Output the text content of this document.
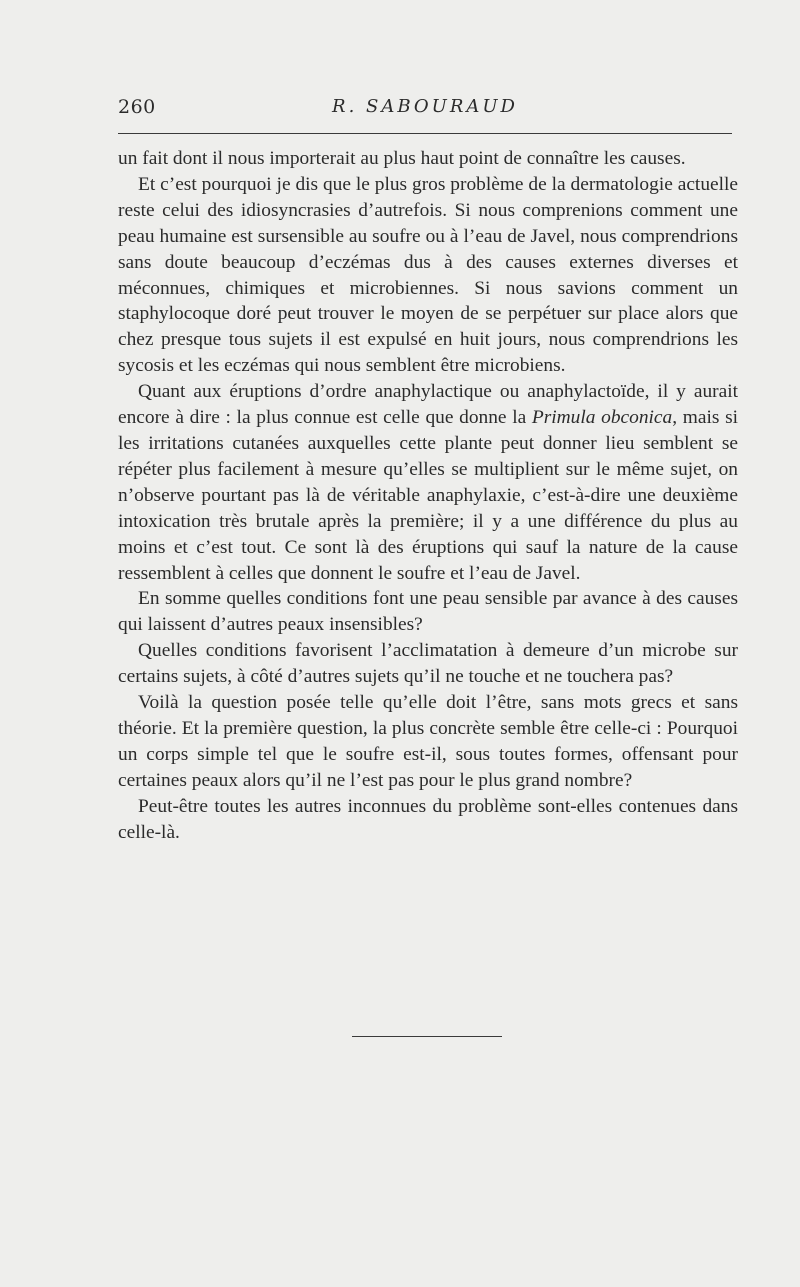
260	R. SABOURAUD

un fait dont il nous importerait au plus haut point de connaître les causes.

Et c’est pourquoi je dis que le plus gros problème de la dermatologie actuelle reste celui des idiosyncrasies d’autrefois. Si nous comprenions comment une peau humaine est sursensible au soufre ou à l’eau de Javel, nous comprendrions sans doute beaucoup d’eczémas dus à des causes externes diverses et méconnues, chimiques et microbiennes. Si nous savions comment un staphylocoque doré peut trouver le moyen de se perpétuer sur place alors que chez presque tous sujets il est expulsé en huit jours, nous comprendrions les sycosis et les eczémas qui nous semblent être microbiens.

Quant aux éruptions d’ordre anaphylactique ou anaphylactoïde, il y aurait encore à dire : la plus connue est celle que donne la Primula obconica, mais si les irritations cutanées auxquelles cette plante peut donner lieu semblent se répéter plus facilement à mesure qu’elles se multiplient sur le même sujet, on n’observe pourtant pas là de véritable anaphylaxie, c’est-à-dire une deuxième intoxication très brutale après la première; il y a une différence du plus au moins et c’est tout. Ce sont là des éruptions qui sauf la nature de la cause ressemblent à celles que donnent le soufre et l’eau de Javel.

En somme quelles conditions font une peau sensible par avance à des causes qui laissent d’autres peaux insensibles?

Quelles conditions favorisent l’acclimatation à demeure d’un microbe sur certains sujets, à côté d’autres sujets qu’il ne touche et ne touchera pas?

Voilà la question posée telle qu’elle doit l’être, sans mots grecs et sans théorie. Et la première question, la plus concrète semble être celle-ci : Pourquoi un corps simple tel que le soufre est-il, sous toutes formes, offensant pour certaines peaux alors qu’il ne l’est pas pour le plus grand nombre?

Peut-être toutes les autres inconnues du problème sont-elles contenues dans celle-là.
